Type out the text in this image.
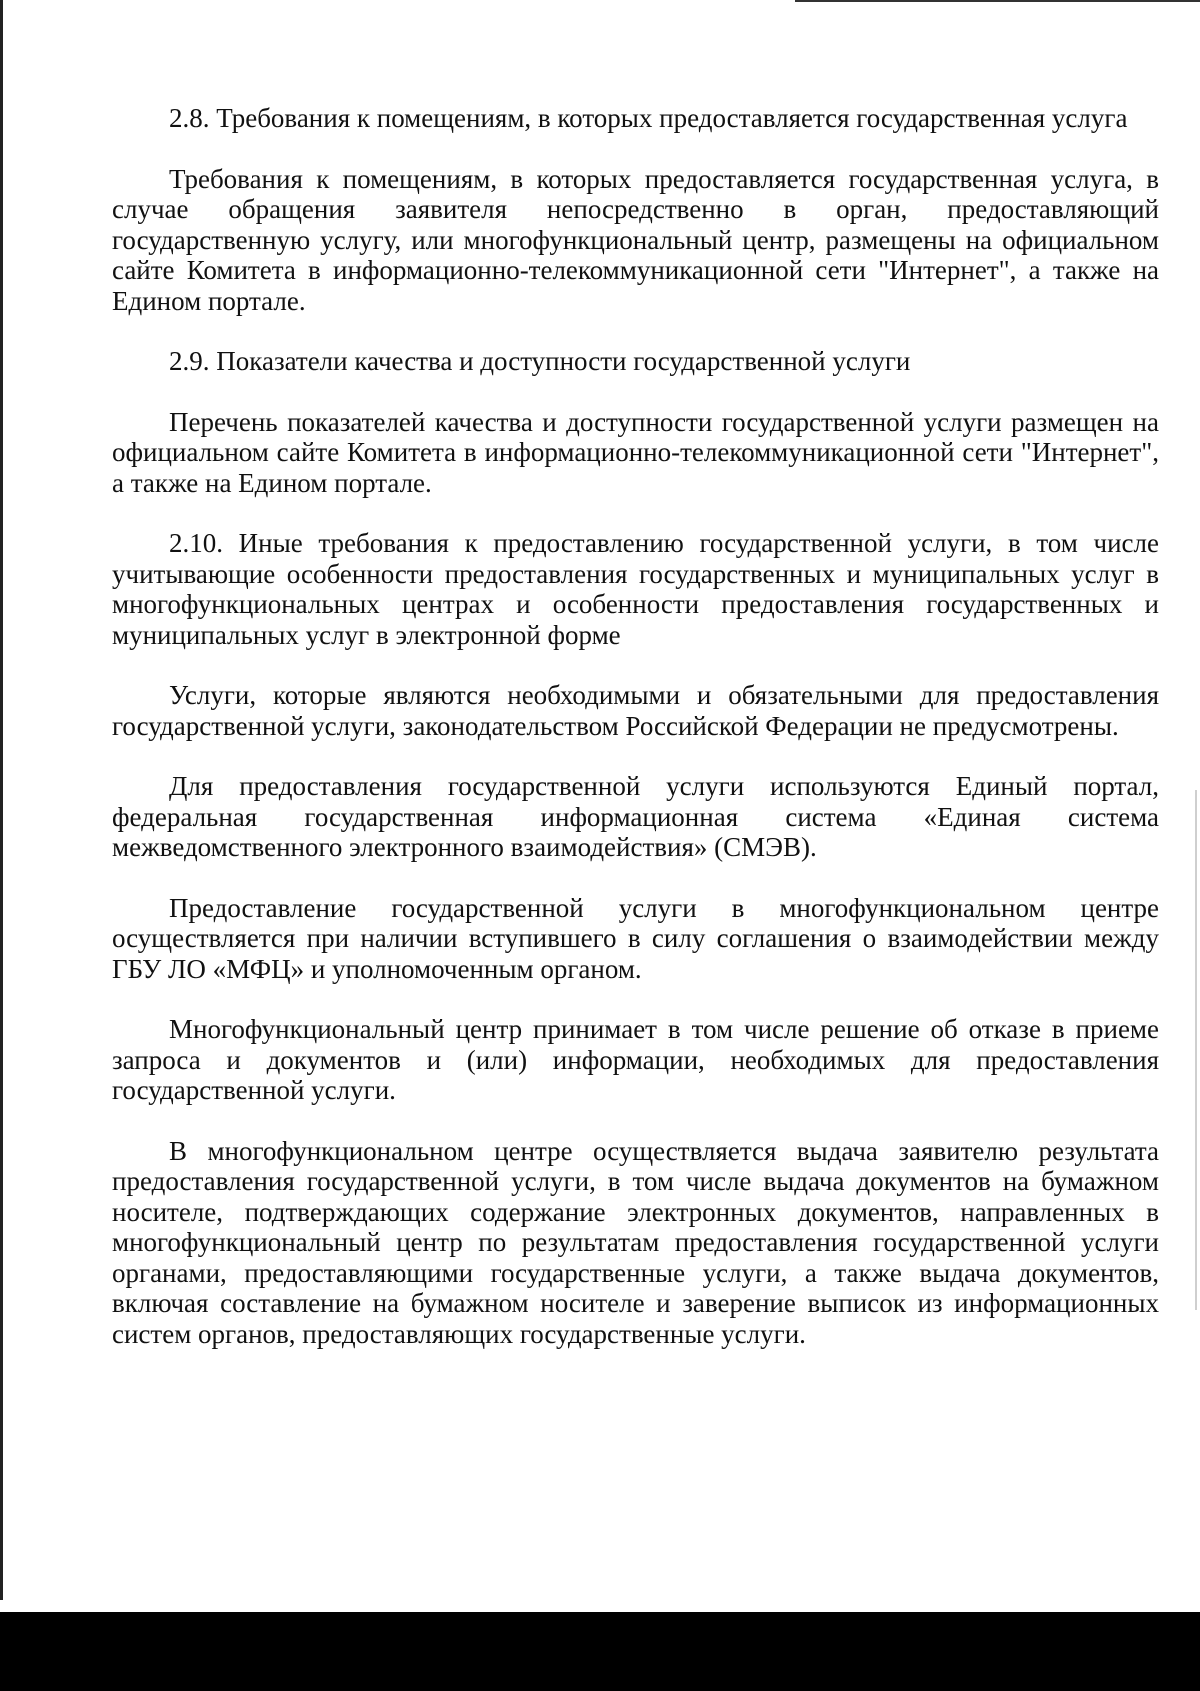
2.8. Требования к помещениям, в которых предоставляется государственная услуга

Требования к помещениям, в которых предоставляется государственная услуга, в случае обращения заявителя непосредственно в орган, предоставляющий государственную услугу, или многофункциональный центр, размещены на официальном сайте Комитета в информационно-телекоммуникационной сети "Интернет", а также на Едином портале.

2.9. Показатели качества и доступности государственной услуги

Перечень показателей качества и доступности государственной услуги размещен на официальном сайте Комитета в информационно-телекоммуникационной сети "Интернет", а также на Едином портале.

2.10. Иные требования к предоставлению государственной услуги, в том числе учитывающие особенности предоставления государственных и муниципальных услуг в многофункциональных центрах и особенности предоставления государственных и муниципальных услуг в электронной форме

Услуги, которые являются необходимыми и обязательными для предоставления государственной услуги, законодательством Российской Федерации не предусмотрены.

Для предоставления государственной услуги используются Единый портал, федеральная государственная информационная система «Единая система межведомственного электронного взаимодействия» (СМЭВ).

Предоставление государственной услуги в многофункциональном центре осуществляется при наличии вступившего в силу соглашения о взаимодействии между ГБУ ЛО «МФЦ» и уполномоченным органом.

Многофункциональный центр принимает в том числе решение об отказе в приеме запроса и документов и (или) информации, необходимых для предоставления государственной услуги.

В многофункциональном центре осуществляется выдача заявителю результата предоставления государственной услуги, в том числе выдача документов на бумажном носителе, подтверждающих содержание электронных документов, направленных в многофункциональный центр по результатам предоставления государственной услуги органами, предоставляющими государственные услуги, а также выдача документов, включая составление на бумажном носителе и заверение выписок из информационных систем органов, предоставляющих государственные услуги.
